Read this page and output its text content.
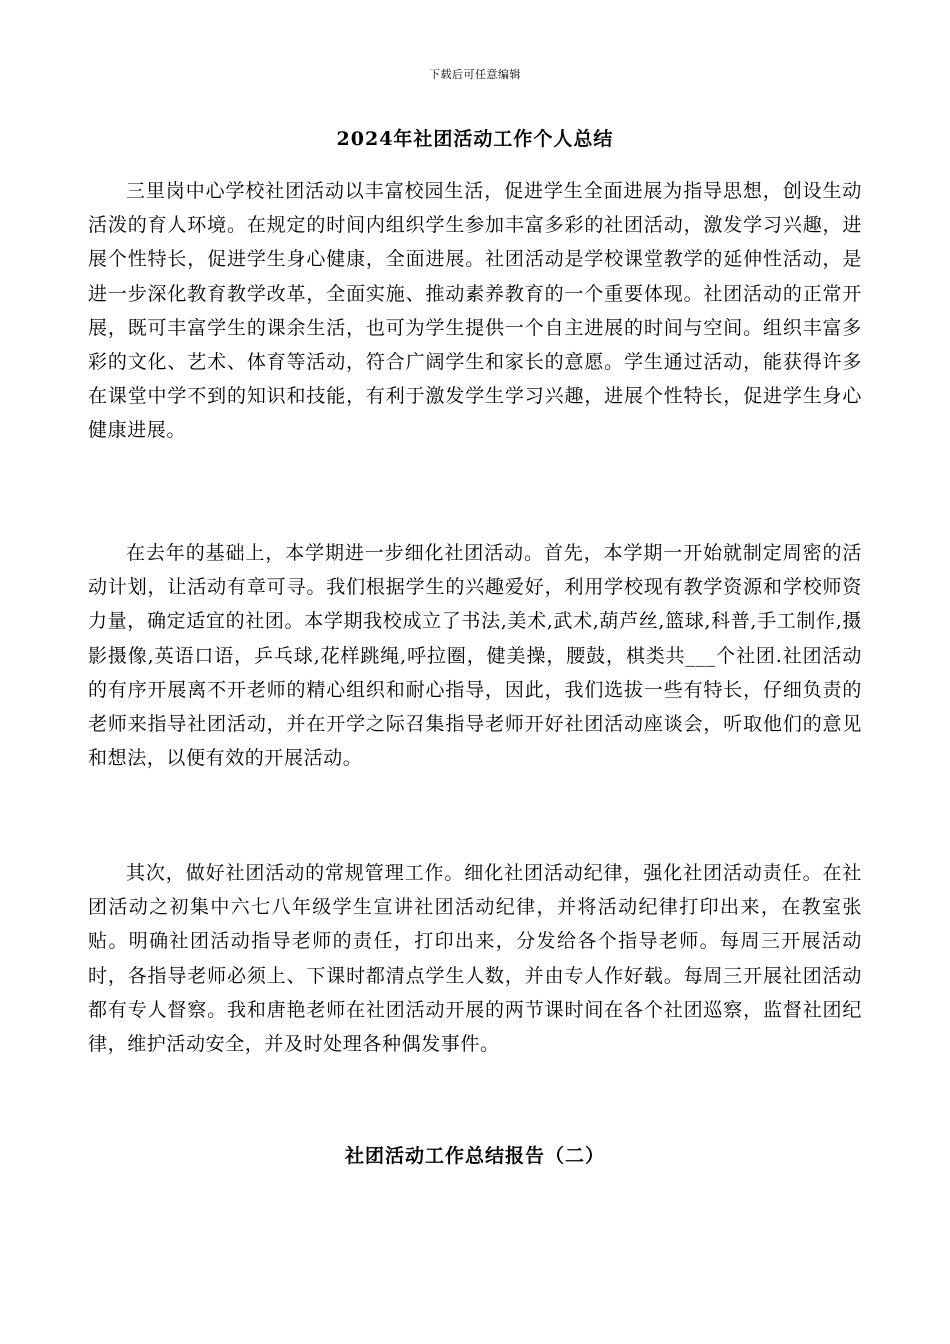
下载后可任意编辑
2024年社团活动工作个人总结

三里岗中心学校社团活动以丰富校园生活，促进学生全面进展为指导思想，创设生动活泼的育人环境。在规定的时间内组织学生参加丰富多彩的社团活动，激发学习兴趣，进展个性特长，促进学生身心健康，全面进展。社团活动是学校课堂教学的延伸性活动，是进一步深化教育教学改革，全面实施、推动素养教育的一个重要体现。社团活动的正常开展，既可丰富学生的课余生活，也可为学生提供一个自主进展的时间与空间。组织丰富多彩的文化、艺术、体育等活动，符合广阔学生和家长的意愿。学生通过活动，能获得许多在课堂中学不到的知识和技能，有利于激发学生学习兴趣，进展个性特长，促进学生身心健康进展。

在去年的基础上，本学期进一步细化社团活动。首先，本学期一开始就制定周密的活动计划，让活动有章可寻。我们根据学生的兴趣爱好，利用学校现有教学资源和学校师资力量，确定适宜的社团。本学期我校成立了书法,美术,武术,葫芦丝,篮球,科普,手工制作,摄影摄像,英语口语，乒乓球,花样跳绳,呼拉圈，健美操，腰鼓，棋类共___个社团.社团活动的有序开展离不开老师的精心组织和耐心指导，因此，我们选拔一些有特长，仔细负责的老师来指导社团活动，并在开学之际召集指导老师开好社团活动座谈会，听取他们的意见和想法，以便有效的开展活动。

其次，做好社团活动的常规管理工作。细化社团活动纪律，强化社团活动责任。在社团活动之初集中六七八年级学生宣讲社团活动纪律，并将活动纪律打印出来，在教室张贴。明确社团活动指导老师的责任，打印出来，分发给各个指导老师。每周三开展活动时，各指导老师必须上、下课时都清点学生人数，并由专人作好载。每周三开展社团活动都有专人督察。我和唐艳老师在社团活动开展的两节课时间在各个社团巡察，监督社团纪律，维护活动安全，并及时处理各种偶发事件。

社团活动工作总结报告（二）
